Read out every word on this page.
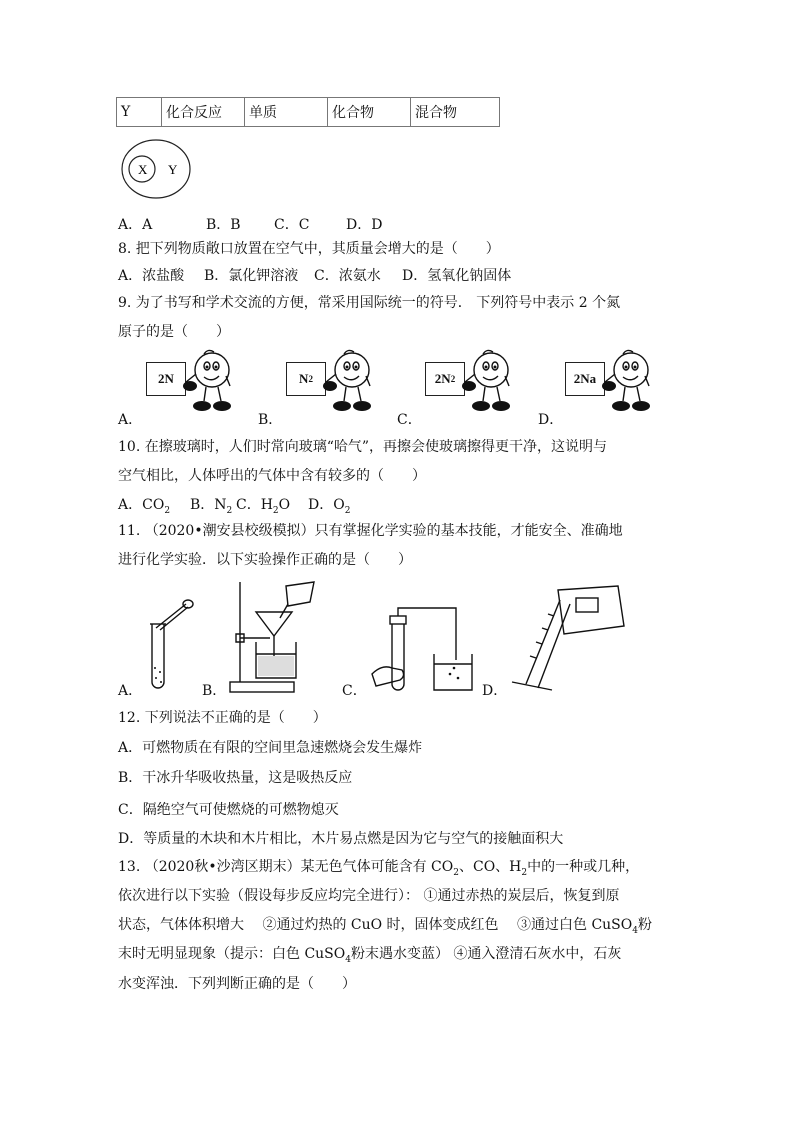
Y	化合反应	单质	化合物	混合物
X Y
A．A	B．B C．C	D．D
8. 把下列物质敞口放置在空气中，其质量会增大的是（　　）
A．浓盐酸 B．氯化钾溶液 C．浓氨水 D．氢氧化钠固体
9. 为了书写和学术交流的方便，常采用国际统一的符号． 下列符号中表示 2 个氮
原子的是（　　）
A．	B．	C．	D．
2N	N 2	2N 2	2Na
10. 在擦玻璃时，人们时常向玻璃“哈气”，再擦会使玻璃擦得更干净，这说明与
空气相比，人体呼出的气体中含有较多的（　　）
A．$CO_2$ B．$N_2$ C．$H_2O$ D．$O_2$
11. （2020•潮安县校级模拟）只有掌握化学实验的基本技能，才能安全、准确地
进行化学实验．以下实验操作正确的是（　　）
A．	B．	C．	D．
12. 下列说法不正确的是（　　）
A．可燃物质在有限的空间里急速燃烧会发生爆炸
B．干冰升华吸收热量，这是吸热反应
C．隔绝空气可使燃烧的可燃物熄灭
D．等质量的木块和木片相比，木片易点燃是因为它与空气的接触面积大
13. （2020秋•沙湾区期末）某无色气体可能含有 $CO_2$、CO、$H_2$中的一种或几种，
依次进行以下实验（假设每步反应均完全进行）： ①通过赤热的炭层后，恢复到原
状态，气体体积增大　 ②通过灼热的 CuO 时，固体变成红色　 ③通过白色 CuSO$_4$粉
末时无明显现象（提示：白色 CuSO$_4$粉末遇水变蓝） ④通入澄清石灰水中，石灰
水变浑浊．下列判断正确的是（　　）
